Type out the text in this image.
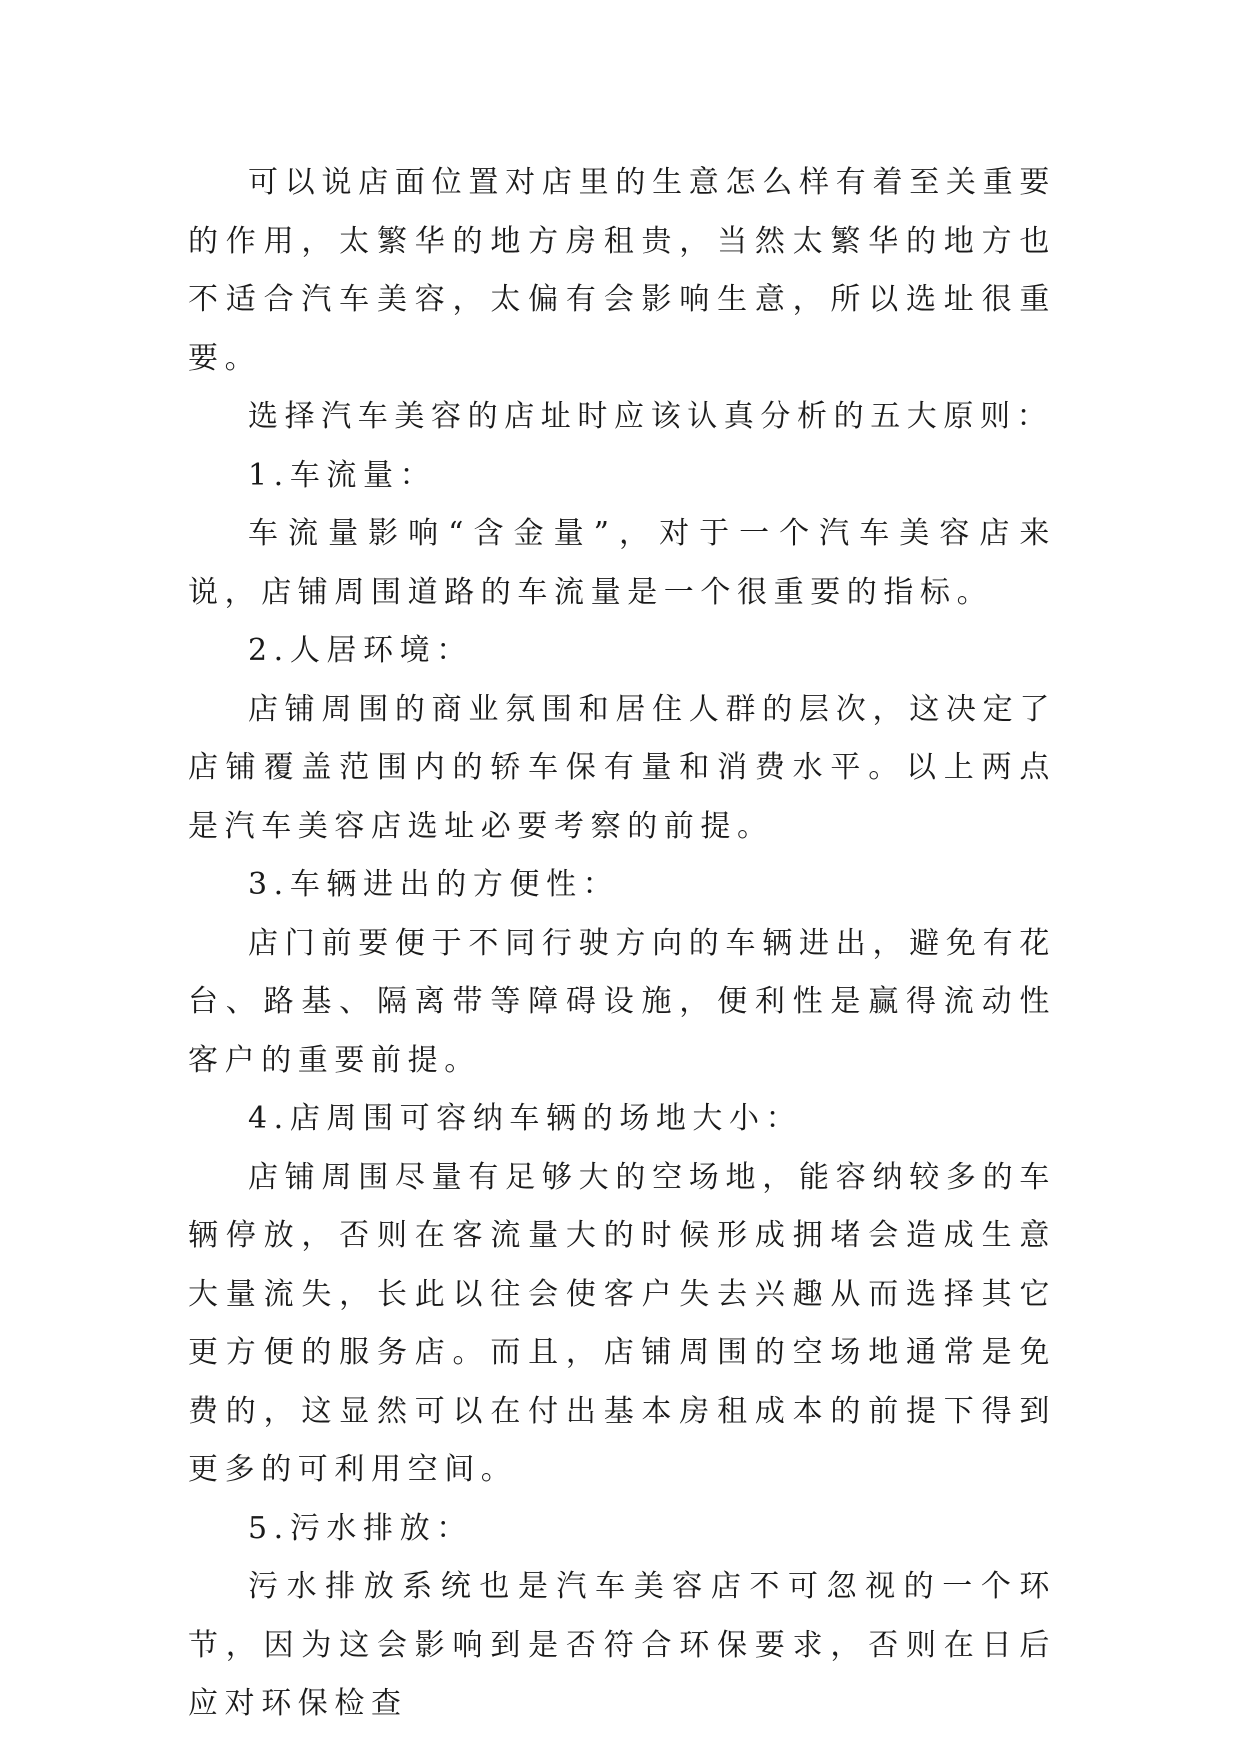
可以说店面位置对店里的生意怎么样有着至关重要的作用，太繁华的地方房租贵，当然太繁华的地方也不适合汽车美容，太偏有会影响生意，所以选址很重要。

选择汽车美容的店址时应该认真分析的五大原则：

1.车流量：

车流量影响“含金量”，对于一个汽车美容店来说，店铺周围道路的车流量是一个很重要的指标。

2.人居环境：

店铺周围的商业氛围和居住人群的层次，这决定了店铺覆盖范围内的轿车保有量和消费水平。以上两点是汽车美容店选址必要考察的前提。

3.车辆进出的方便性：

店门前要便于不同行驶方向的车辆进出，避免有花台、路基、隔离带等障碍设施，便利性是赢得流动性客户的重要前提。

4.店周围可容纳车辆的场地大小：

店铺周围尽量有足够大的空场地，能容纳较多的车辆停放，否则在客流量大的时候形成拥堵会造成生意大量流失，长此以往会使客户失去兴趣从而选择其它更方便的服务店。而且，店铺周围的空场地通常是免费的，这显然可以在付出基本房租成本的前提下得到更多的可利用空间。

5.污水排放：

污水排放系统也是汽车美容店不可忽视的一个环节，因为这会影响到是否符合环保要求，否则在日后应对环保检查
